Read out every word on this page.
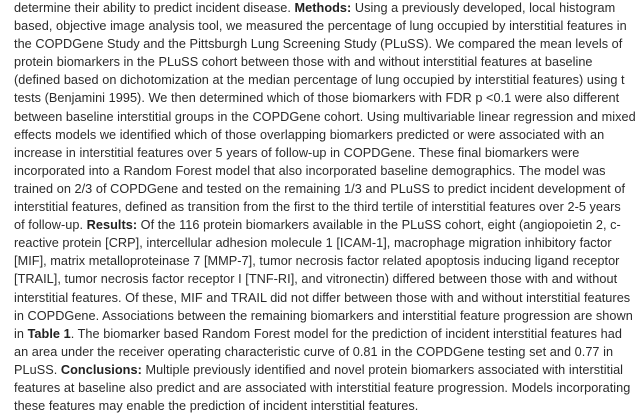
determine their ability to predict incident disease. Methods: Using a previously developed, local histogram
based, objective image analysis tool, we measured the percentage of lung occupied by interstitial features in
the COPDGene Study and the Pittsburgh Lung Screening Study (PLuSS). We compared the mean levels of
protein biomarkers in the PLuSS cohort between those with and without interstitial features at baseline
(defined based on dichotomization at the median percentage of lung occupied by interstitial features) using t
tests (Benjamini 1995). We then determined which of those biomarkers with FDR p <0.1 were also different
between baseline interstitial groups in the COPDGene cohort. Using multivariable linear regression and mixed
effects models we identified which of those overlapping biomarkers predicted or were associated with an
increase in interstitial features over 5 years of follow-up in COPDGene. These final biomarkers were
incorporated into a Random Forest model that also incorporated baseline demographics. The model was
trained on 2/3 of COPDGene and tested on the remaining 1/3 and PLuSS to predict incident development of
interstitial features, defined as transition from the first to the third tertile of interstitial features over 2-5 years
of follow-up. Results: Of the 116 protein biomarkers available in the PLuSS cohort, eight (angiopoietin 2, c-
reactive protein [CRP], intercellular adhesion molecule 1 [ICAM-1], macrophage migration inhibitory factor
[MIF], matrix metalloproteinase 7 [MMP-7], tumor necrosis factor related apoptosis inducing ligand receptor
[TRAIL], tumor necrosis factor receptor I [TNF-RI], and vitronectin) differed between those with and without
interstitial features. Of these, MIF and TRAIL did not differ between those with and without interstitial features
in COPDGene. Associations between the remaining biomarkers and interstitial feature progression are shown
in Table 1. The biomarker based Random Forest model for the prediction of incident interstitial features had
an area under the receiver operating characteristic curve of 0.81 in the COPDGene testing set and 0.77 in
PLuSS. Conclusions: Multiple previously identified and novel protein biomarkers associated with interstitial
features at baseline also predict and are associated with interstitial feature progression. Models incorporating
these features may enable the prediction of incident interstitial features.
